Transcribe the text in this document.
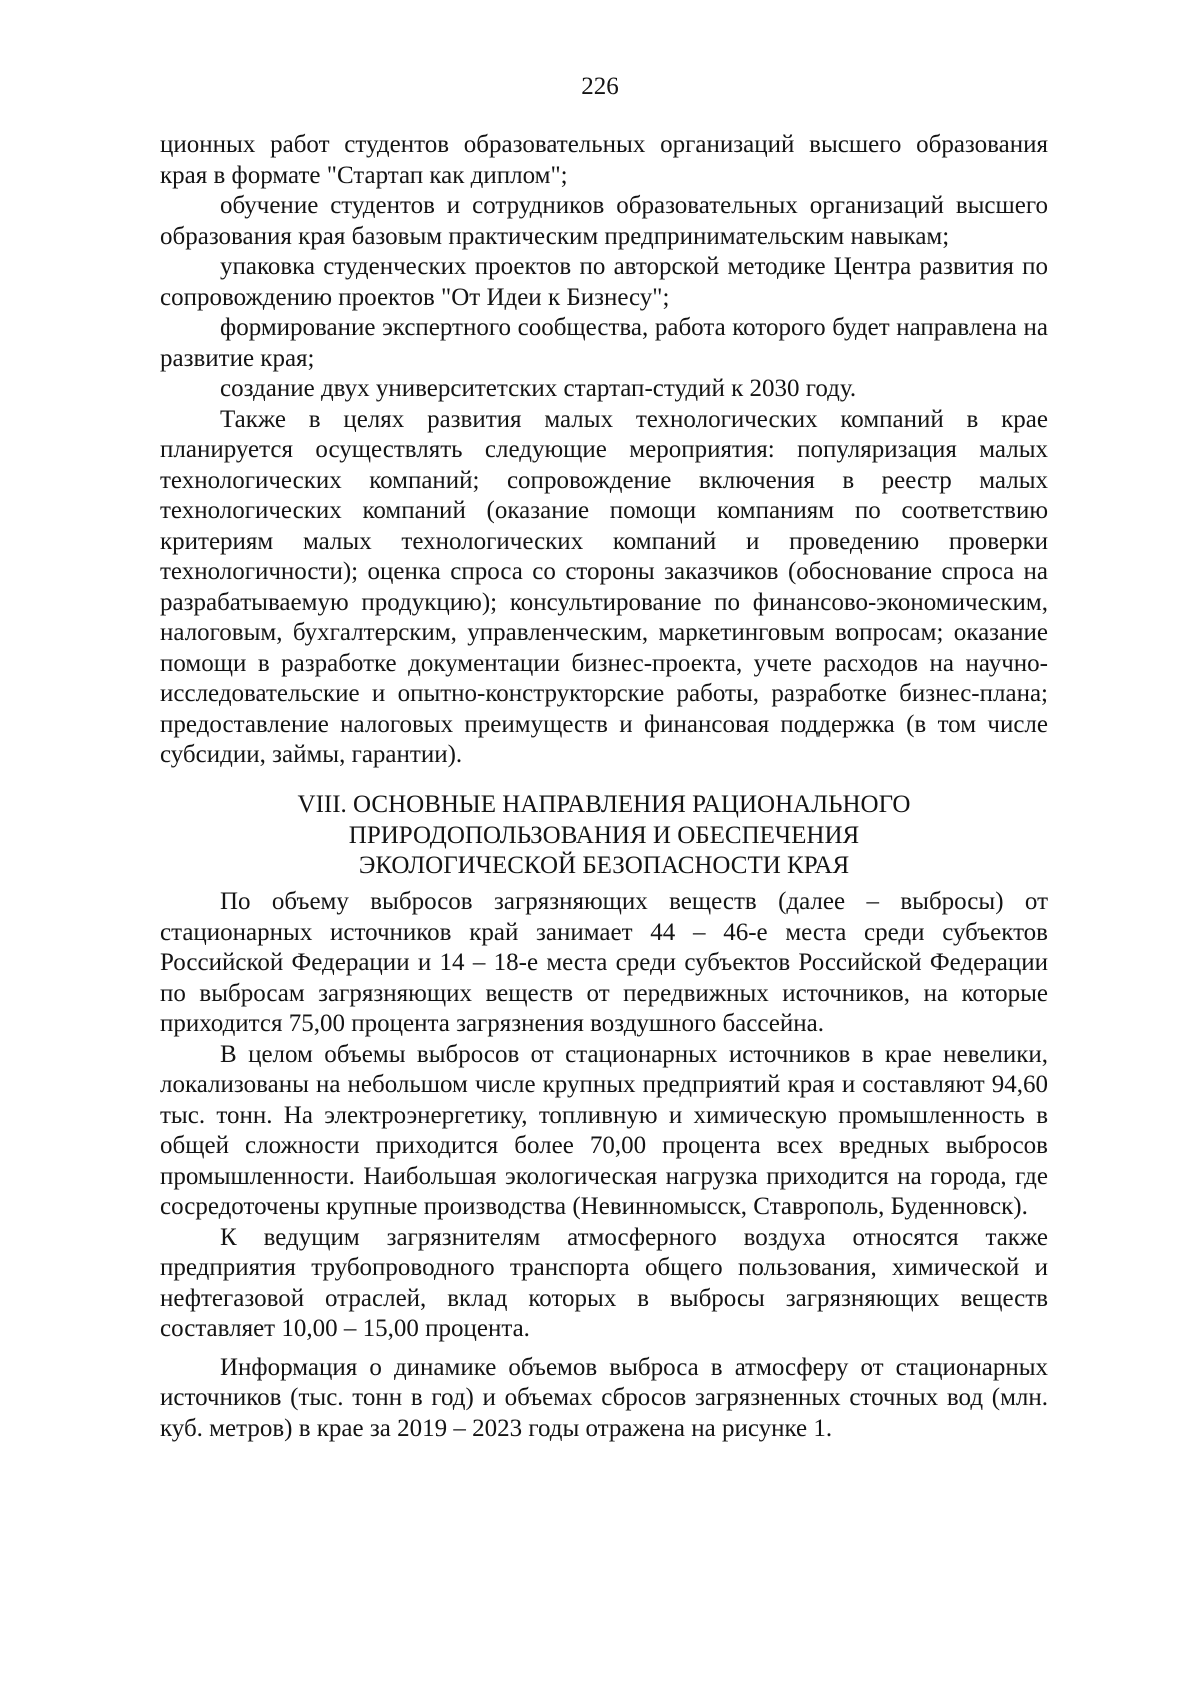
226

ционных работ студентов образовательных организаций высшего образования края в формате "Стартап как диплом";

обучение студентов и сотрудников образовательных организаций высшего образования края базовым практическим предпринимательским навыкам;

упаковка студенческих проектов по авторской методике Центра развития по сопровождению проектов "От Идеи к Бизнесу";

формирование экспертного сообщества, работа которого будет направлена на развитие края;

создание двух университетских стартап-студий к 2030 году.

Также в целях развития малых технологических компаний в крае планируется осуществлять следующие мероприятия: популяризация малых технологических компаний; сопровождение включения в реестр малых технологических компаний (оказание помощи компаниям по соответствию критериям малых технологических компаний и проведению проверки технологичности); оценка спроса со стороны заказчиков (обоснование спроса на разрабатываемую продукцию); консультирование по финансово-экономическим, налоговым, бухгалтерским, управленческим, маркетинговым вопросам; оказание помощи в разработке документации бизнес-проекта, учете расходов на научно-исследовательские и опытно-конструкторские работы, разработке бизнес-плана; предоставление налоговых преимуществ и финансовая поддержка (в том числе субсидии, займы, гарантии).

VIII. ОСНОВНЫЕ НАПРАВЛЕНИЯ РАЦИОНАЛЬНОГО
ПРИРОДОПОЛЬЗОВАНИЯ И ОБЕСПЕЧЕНИЯ
ЭКОЛОГИЧЕСКОЙ БЕЗОПАСНОСТИ КРАЯ

По объему выбросов загрязняющих веществ (далее – выбросы) от стационарных источников край занимает 44 – 46-е места среди субъектов Российской Федерации и 14 – 18-е места среди субъектов Российской Федерации по выбросам загрязняющих веществ от передвижных источников, на которые приходится 75,00 процента загрязнения воздушного бассейна.

В целом объемы выбросов от стационарных источников в крае невелики, локализованы на небольшом числе крупных предприятий края и составляют 94,60 тыс. тонн. На электроэнергетику, топливную и химическую промышленность в общей сложности приходится более 70,00 процента всех вредных выбросов промышленности. Наибольшая экологическая нагрузка приходится на города, где сосредоточены крупные производства (Невинномысск, Ставрополь, Буденновск).

К ведущим загрязнителям атмосферного воздуха относятся также предприятия трубопроводного транспорта общего пользования, химической и нефтегазовой отраслей, вклад которых в выбросы загрязняющих веществ составляет 10,00 – 15,00 процента.

Информация о динамике объемов выброса в атмосферу от стационарных источников (тыс. тонн в год) и объемах сбросов загрязненных сточных вод (млн. куб. метров) в крае за 2019 – 2023 годы отражена на рисунке 1.
